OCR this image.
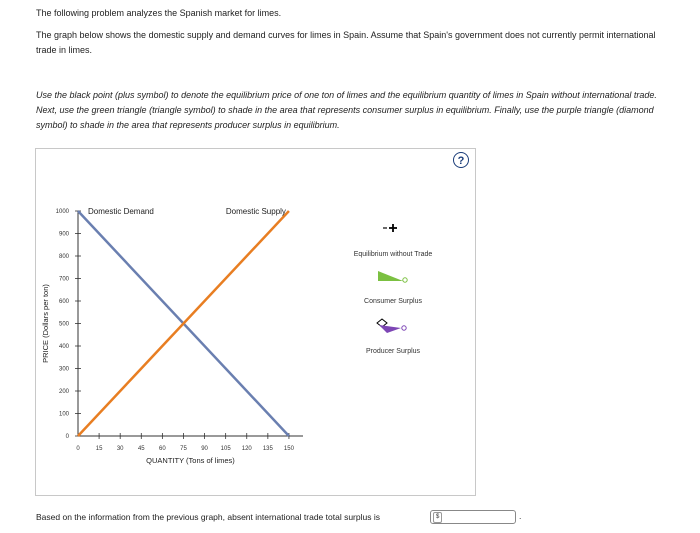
The following problem analyzes the Spanish market for limes.
The graph below shows the domestic supply and demand curves for limes in Spain. Assume that Spain's government does not currently permit international trade in limes.
Use the black point (plus symbol) to denote the equilibrium price of one ton of limes and the equilibrium quantity of limes in Spain without international trade. Next, use the green triangle (triangle symbol) to shade in the area that represents consumer surplus in equilibrium. Finally, use the purple triangle (diamond symbol) to shade in the area that represents producer surplus in equilibrium.
?
0
100
200
300
400
500
600
700
800
900
1000
0	15 30 45 60 75 90 105 120 135 150
QUANTITY (Tons of limes)
PRICE (Dollars per ton)
Domestic Demand	Domestic Supply
Equilibrium without Trade
Consumer Surplus
Producer Surplus
Based on the information from the previous graph, absent international trade total surplus is	$	.
